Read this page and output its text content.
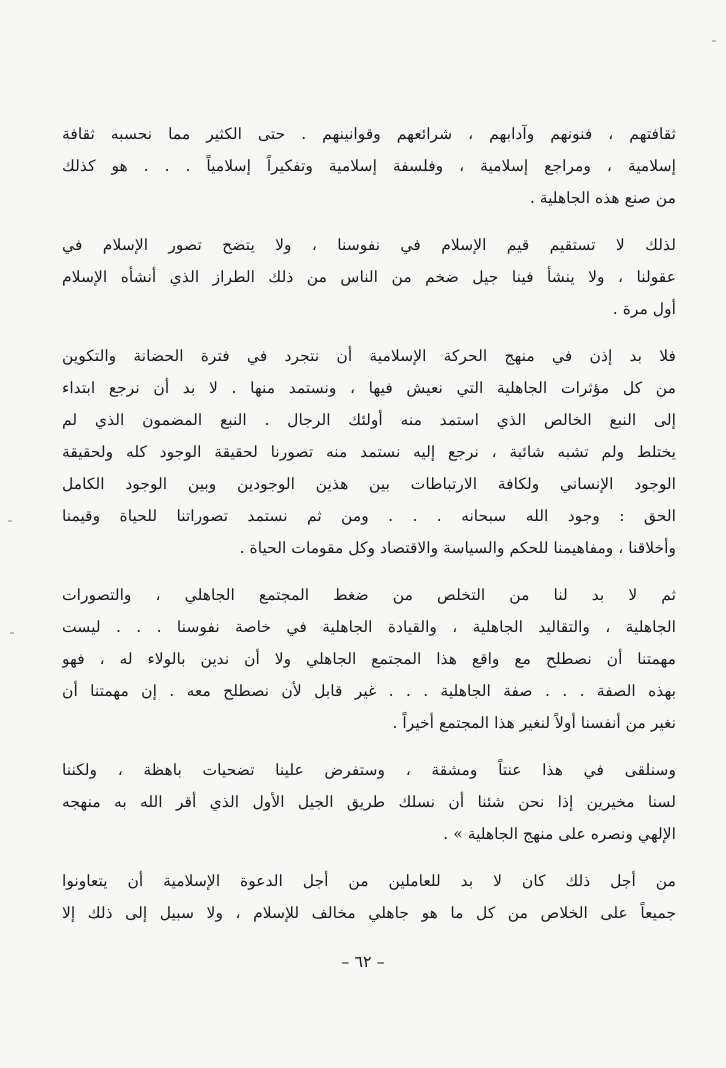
ثقافتهم ، فنونهم وآدابهم ، شرائعهم وقوانينهم . حتى الكثير مما نحسبه ثقافة
إسلامية ، ومراجع إسلامية ، وفلسفة إسلامية وتفكيراً إسلامياً . . . هو كذلك
من صنع هذه الجاهلية .
لذلك لا تستقيم قيم الإسلام في نفوسنا ، ولا يتضح تصور الإسلام في
عقولنا ، ولا ينشأ فينا جيل ضخم من الناس من ذلك الطراز الذي أنشأه الإسلام
أول مرة .
فلا بد إذن في منهج الحركة الإسلامية أن نتجرد في فترة الحضانة والتكوين
من كل مؤثرات الجاهلية التي نعيش فيها ، ونستمد منها . لا بد أن نرجع ابتداء
إلى النبع الخالص الذي استمد منه أولئك الرجال . النبع المضمون الذي لم
يختلط ولم تشبه شائبة ، نرجع إليه نستمد منه تصورنا لحقيقة الوجود كله ولحقيقة
الوجود الإنساني ولكافة الارتباطات بين هذين الوجودين وبين الوجود الكامل
الحق : وجود الله سبحانه . . . ومن ثم نستمد تصوراتنا للحياة وقيمنا
وأخلاقنا ، ومفاهيمنا للحكم والسياسة والاقتصاد وكل مقومات الحياة .
ثم لا بد لنا من التخلص من ضغط المجتمع الجاهلي ، والتصورات
الجاهلية ، والتقاليد الجاهلية ، والقيادة الجاهلية في خاصة نفوسنا . . . ليست
مهمتنا أن نصطلح مع واقع هذا المجتمع الجاهلي ولا أن ندين بالولاء له ، فهو
بهذه الصفة . . . صفة الجاهلية . . . غير قابل لأن نصطلح معه . إن مهمتنا أن
نغير من أنفسنا أولاً لنغير هذا المجتمع أخيراً .
وسنلقى في هذا عنتاً ومشقة ، وستفرض علينا تضحيات باهظة ، ولكننا
لسنا مخيرين إذا نحن شئنا أن نسلك طريق الجيل الأول الذي أقر الله به منهجه
الإلهي ونصره على منهج الجاهلية » .
من أجل ذلك كان لا بد للعاملين من أجل الدعوة الإسلامية أن يتعاونوا
جميعاً على الخلاص من كل ما هو جاهلي مخالف للإسلام ، ولا سبيل إلى ذلك إلا
– ٦٢ –
